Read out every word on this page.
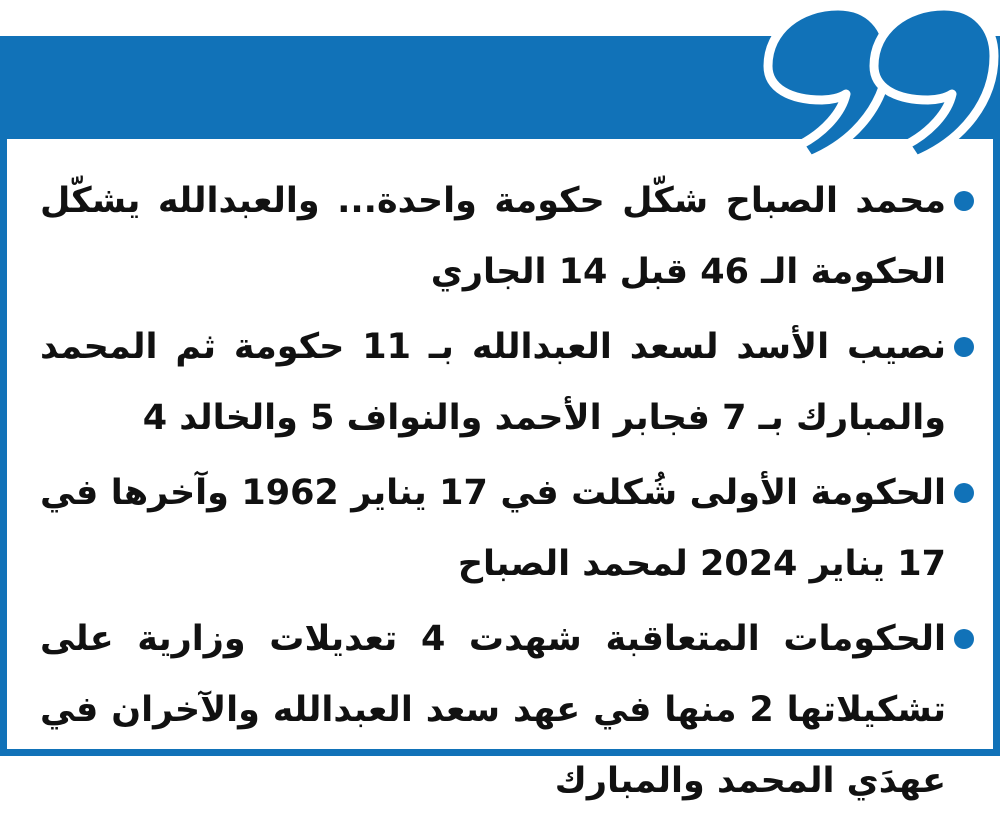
محمد الصباح شكّل حكومة واحدة... والعبدالله يشكّل الحكومة الـ 46 قبل 14 الجاري
نصيب الأسد لسعد العبدالله بـ 11 حكومة ثم المحمد والمبارك بـ 7 فجابر الأحمد والنواف 5 والخالد 4
الحكومة الأولى شُكلت في 17 يناير 1962 وآخرها في 17 يناير 2024 لمحمد الصباح
الحكومات المتعاقبة شهدت 4 تعديلات وزارية على تشكيلاتها 2 منها في عهد سعد العبدالله والآخران في عهدَي المحمد والمبارك
